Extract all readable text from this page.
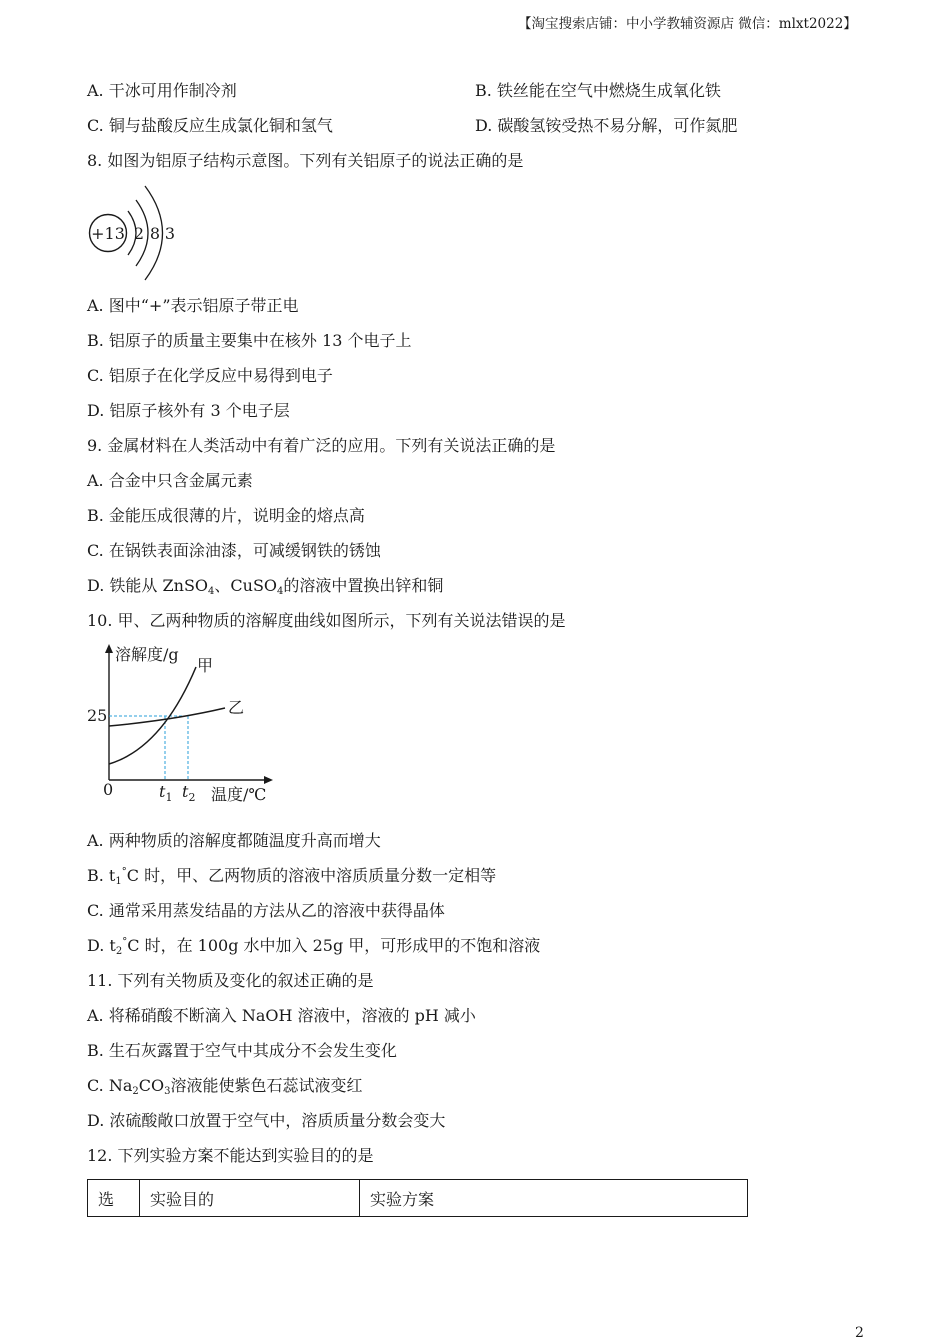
【淘宝搜索店铺：中小学教辅资源店 微信：mlxt2022】
A. 干冰可用作制冷剂	B. 铁丝能在空气中燃烧生成氧化铁
C. 铜与盐酸反应生成氯化铜和氢气	D. 碳酸氢铵受热不易分解，可作氮肥
8. 如图为铝原子结构示意图。下列有关铝原子的说法正确的是
+13 2 8 3
A. 图中“+”表示铝原子带正电
B. 铝原子的质量主要集中在核外 13 个电子上
C. 铝原子在化学反应中易得到电子
D. 铝原子核外有 3 个电子层
9. 金属材料在人类活动中有着广泛的应用。下列有关说法正确的是
A. 合金中只含金属元素
B. 金能压成很薄的片，说明金的熔点高
C. 在锅铁表面涂油漆，可减缓钢铁的锈蚀
D. 铁能从 ZnSO$_4$、CuSO$_4$的溶液中置换出锌和铜
10. 甲、乙两种物质的溶解度曲线如图所示，下列有关说法错误的是
溶解度/g
甲
乙
25
0	$t_1$ $t_2$ 温度/℃
A. 两种物质的溶解度都随温度升高而增大
B. $t_1^\circ C$ 时，甲、乙两物质的溶液中溶质质量分数一定相等
C. 通常采用蒸发结晶的方法从乙的溶液中获得晶体
D. $t_2^\circ C$ 时，在 100g 水中加入 25g 甲，可形成甲的不饱和溶液
11. 下列有关物质及变化的叙述正确的是
A. 将稀硝酸不断滴入 NaOH 溶液中，溶液的 pH 减小
B. 生石灰露置于空气中其成分不会发生变化
C. $Na_2CO_3$溶液能使紫色石蕊试液变红
D. 浓硫酸敞口放置于空气中，溶质质量分数会变大
12. 下列实验方案不能达到实验目的的是
选	实验目的	实验方案
2
